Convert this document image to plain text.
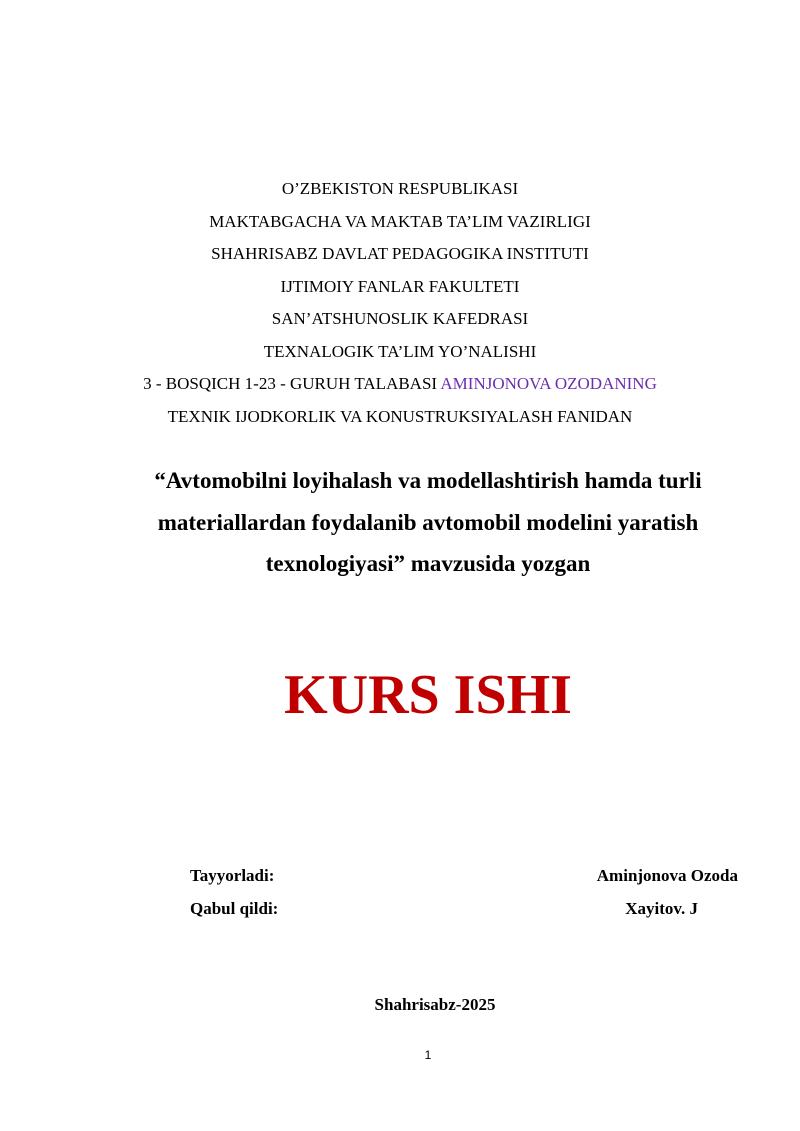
O’ZBEKISTON RESPUBLIKASI
MAKTABGACHA VA MAKTAB TA’LIM VAZIRLIGI
SHAHRISABZ DAVLAT PEDAGOGIKA INSTITUTI
IJTIMOIY FANLAR FAKULTETI
SAN’ATSHUNOSLIK KAFEDRASI
TEXNALOGIK TA’LIM YO’NALISHI
3 - BOSQICH 1-23 - GURUH TALABASI AMINJONOVA OZODANING
TEXNIK IJODKORLIK VA KONUSTRUKSIYALASH FANIDAN
“Avtomobilni loyihalash va modellashtirish hamda turli
materiallardan foydalanib avtomobil modelini yaratish
texnologiyasi” mavzusida yozgan
KURS ISHI
Tayyorladi:	Aminjonova Ozoda
Qabul qildi:	Xayitov. J
Shahrisabz-2025
1
